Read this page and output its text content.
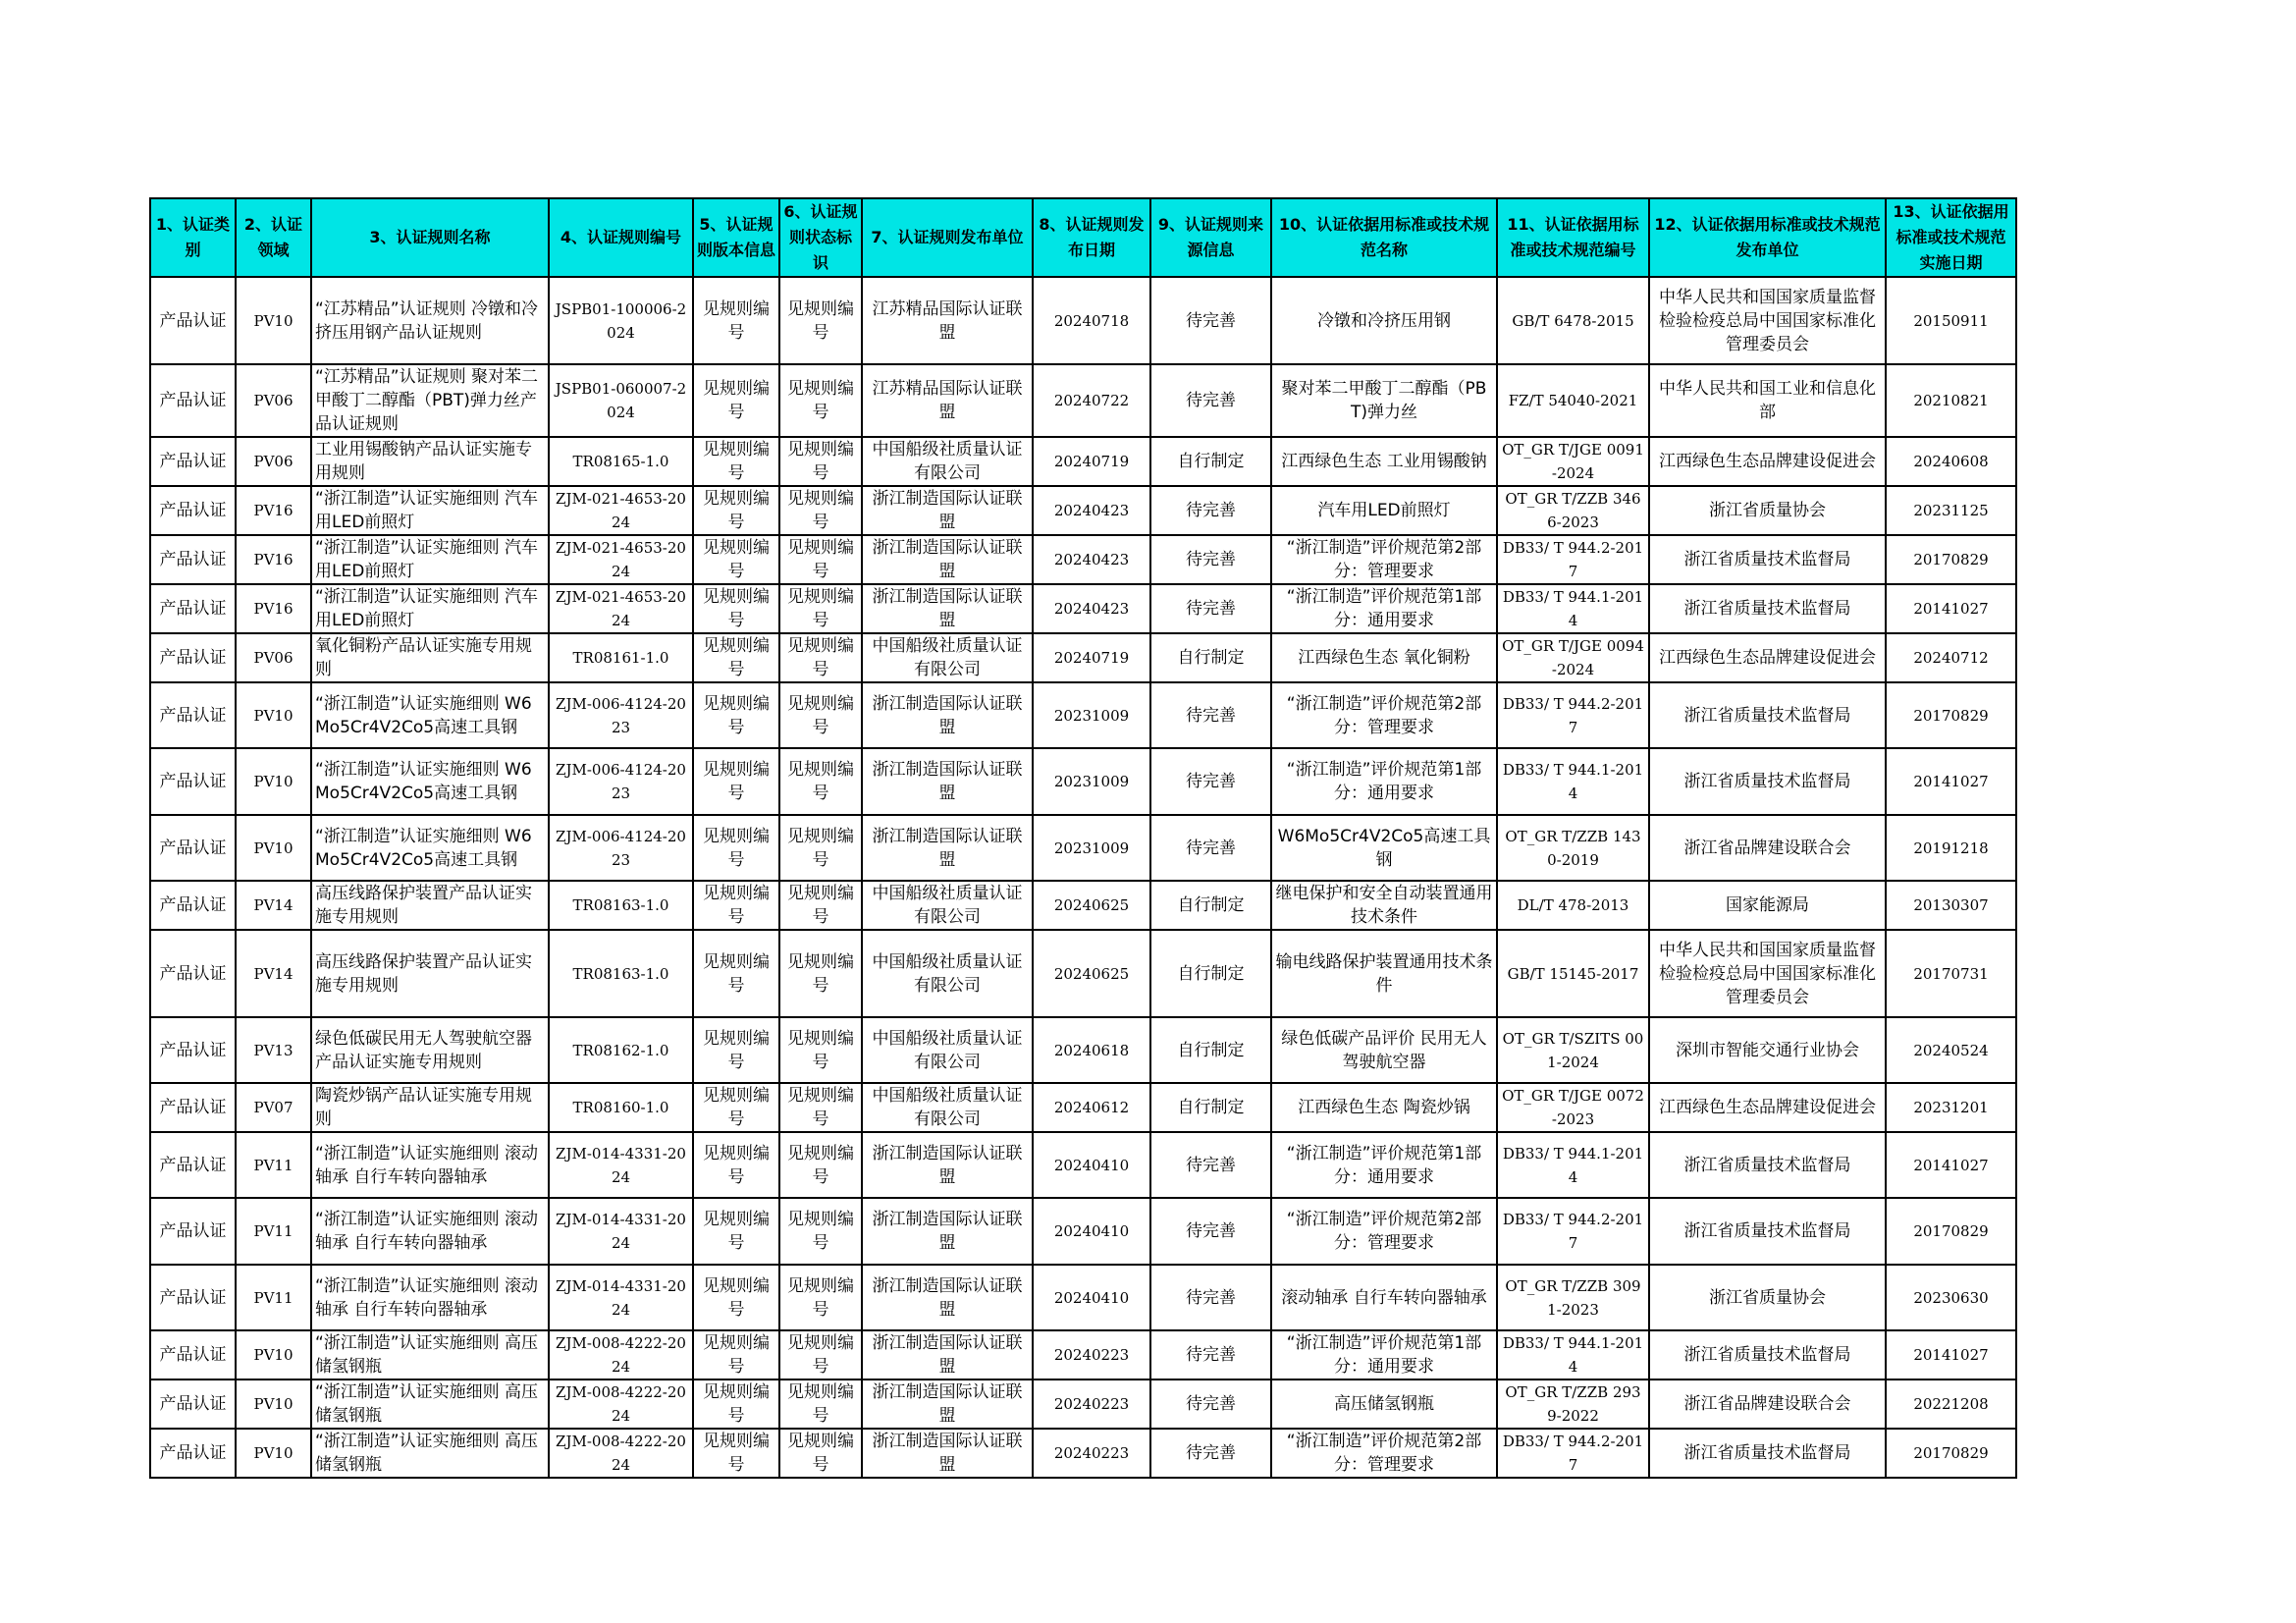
1、认证类别	2、认证领域	3、认证规则名称	4、认证规则编号	5、认证规则版本信息	6、认证规则状态标识	7、认证规则发布单位	8、认证规则发布日期	9、认证规则来源信息	10、认证依据用标准或技术规范名称	11、认证依据用标准或技术规范编号	12、认证依据用标准或技术规范发布单位	13、认证依据用标准或技术规范实施日期
产品认证	PV10	“江苏精品”认证规则 冷镦和冷挤压用钢产品认证规则	JSPB01-100006-2024	见规则编号	见规则编号	江苏精品国际认证联盟	20240718	待完善	冷镦和冷挤压用钢	GB/T 6478-2015	中华人民共和国国家质量监督检验检疫总局中国国家标准化管理委员会	20150911
产品认证	PV06	“江苏精品”认证规则 聚对苯二甲酸丁二醇酯（PBT)弹力丝产品认证规则	JSPB01-060007-2024	见规则编号	见规则编号	江苏精品国际认证联盟	20240722	待完善	聚对苯二甲酸丁二醇酯（PBT)弹力丝	FZ/T 54040-2021	中华人民共和国工业和信息化部	20210821
产品认证	PV06	工业用锡酸钠产品认证实施专用规则	TR08165-1.0	见规则编号	见规则编号	中国船级社质量认证有限公司	20240719	自行制定	江西绿色生态 工业用锡酸钠	OT_GR T/JGE 0091-2024	江西绿色生态品牌建设促进会	20240608
产品认证	PV16	“浙江制造”认证实施细则 汽车用LED前照灯	ZJM-021-4653-2024	见规则编号	见规则编号	浙江制造国际认证联盟	20240423	待完善	汽车用LED前照灯	OT_GR T/ZZB 3466-2023	浙江省质量协会	20231125
产品认证	PV16	“浙江制造”认证实施细则 汽车用LED前照灯	ZJM-021-4653-2024	见规则编号	见规则编号	浙江制造国际认证联盟	20240423	待完善	“浙江制造”评价规范第2部分：管理要求	DB33/ T 944.2-2017	浙江省质量技术监督局	20170829
产品认证	PV16	“浙江制造”认证实施细则 汽车用LED前照灯	ZJM-021-4653-2024	见规则编号	见规则编号	浙江制造国际认证联盟	20240423	待完善	“浙江制造”评价规范第1部分：通用要求	DB33/ T 944.1-2014	浙江省质量技术监督局	20141027
产品认证	PV06	氧化铜粉产品认证实施专用规则	TR08161-1.0	见规则编号	见规则编号	中国船级社质量认证有限公司	20240719	自行制定	江西绿色生态 氧化铜粉	OT_GR T/JGE 0094-2024	江西绿色生态品牌建设促进会	20240712
产品认证	PV10	“浙江制造”认证实施细则 W6Mo5Cr4V2Co5高速工具钢	ZJM-006-4124-2023	见规则编号	见规则编号	浙江制造国际认证联盟	20231009	待完善	“浙江制造”评价规范第2部分：管理要求	DB33/ T 944.2-2017	浙江省质量技术监督局	20170829
产品认证	PV10	“浙江制造”认证实施细则 W6Mo5Cr4V2Co5高速工具钢	ZJM-006-4124-2023	见规则编号	见规则编号	浙江制造国际认证联盟	20231009	待完善	“浙江制造”评价规范第1部分：通用要求	DB33/ T 944.1-2014	浙江省质量技术监督局	20141027
产品认证	PV10	“浙江制造”认证实施细则 W6Mo5Cr4V2Co5高速工具钢	ZJM-006-4124-2023	见规则编号	见规则编号	浙江制造国际认证联盟	20231009	待完善	W6Mo5Cr4V2Co5高速工具钢	OT_GR T/ZZB 1430-2019	浙江省品牌建设联合会	20191218
产品认证	PV14	高压线路保护装置产品认证实施专用规则	TR08163-1.0	见规则编号	见规则编号	中国船级社质量认证有限公司	20240625	自行制定	继电保护和安全自动装置通用技术条件	DL/T 478-2013	国家能源局	20130307
产品认证	PV14	高压线路保护装置产品认证实施专用规则	TR08163-1.0	见规则编号	见规则编号	中国船级社质量认证有限公司	20240625	自行制定	输电线路保护装置通用技术条件	GB/T 15145-2017	中华人民共和国国家质量监督检验检疫总局中国国家标准化管理委员会	20170731
产品认证	PV13	绿色低碳民用无人驾驶航空器产品认证实施专用规则	TR08162-1.0	见规则编号	见规则编号	中国船级社质量认证有限公司	20240618	自行制定	绿色低碳产品评价 民用无人驾驶航空器	OT_GR T/SZITS 001-2024	深圳市智能交通行业协会	20240524
产品认证	PV07	陶瓷炒锅产品认证实施专用规则	TR08160-1.0	见规则编号	见规则编号	中国船级社质量认证有限公司	20240612	自行制定	江西绿色生态 陶瓷炒锅	OT_GR T/JGE 0072-2023	江西绿色生态品牌建设促进会	20231201
产品认证	PV11	“浙江制造”认证实施细则 滚动轴承 自行车转向器轴承	ZJM-014-4331-2024	见规则编号	见规则编号	浙江制造国际认证联盟	20240410	待完善	“浙江制造”评价规范第1部分：通用要求	DB33/ T 944.1-2014	浙江省质量技术监督局	20141027
产品认证	PV11	“浙江制造”认证实施细则 滚动轴承 自行车转向器轴承	ZJM-014-4331-2024	见规则编号	见规则编号	浙江制造国际认证联盟	20240410	待完善	“浙江制造”评价规范第2部分：管理要求	DB33/ T 944.2-2017	浙江省质量技术监督局	20170829
产品认证	PV11	“浙江制造”认证实施细则 滚动轴承 自行车转向器轴承	ZJM-014-4331-2024	见规则编号	见规则编号	浙江制造国际认证联盟	20240410	待完善	滚动轴承 自行车转向器轴承	OT_GR T/ZZB 3091-2023	浙江省质量协会	20230630
产品认证	PV10	“浙江制造”认证实施细则 高压储氢钢瓶	ZJM-008-4222-2024	见规则编号	见规则编号	浙江制造国际认证联盟	20240223	待完善	“浙江制造”评价规范第1部分：通用要求	DB33/ T 944.1-2014	浙江省质量技术监督局	20141027
产品认证	PV10	“浙江制造”认证实施细则 高压储氢钢瓶	ZJM-008-4222-2024	见规则编号	见规则编号	浙江制造国际认证联盟	20240223	待完善	高压储氢钢瓶	OT_GR T/ZZB 2939-2022	浙江省品牌建设联合会	20221208
产品认证	PV10	“浙江制造”认证实施细则 高压储氢钢瓶	ZJM-008-4222-2024	见规则编号	见规则编号	浙江制造国际认证联盟	20240223	待完善	“浙江制造”评价规范第2部分：管理要求	DB33/ T 944.2-2017	浙江省质量技术监督局	20170829
